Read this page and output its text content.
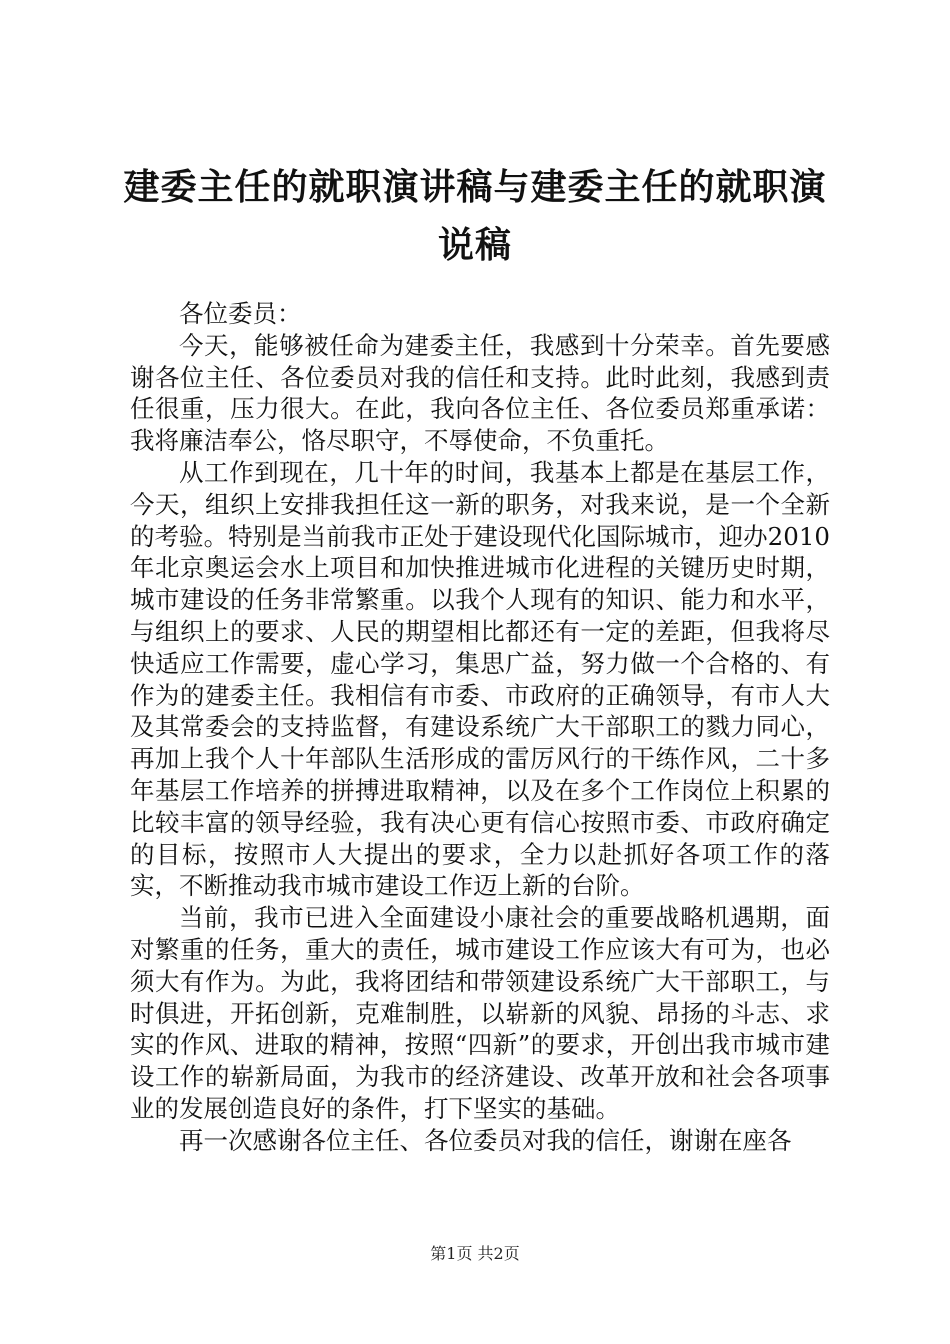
建委主任的就职演讲稿与建委主任的就职演说稿

各位委员：

今天，能够被任命为建委主任，我感到十分荣幸。首先要感谢各位主任、各位委员对我的信任和支持。此时此刻，我感到责任很重，压力很大。在此，我向各位主任、各位委员郑重承诺：我将廉洁奉公，恪尽职守，不辱使命，不负重托。

从工作到现在，几十年的时间，我基本上都是在基层工作，今天，组织上安排我担任这一新的职务，对我来说，是一个全新的考验。特别是当前我市正处于建设现代化国际城市，迎办2010年北京奥运会水上项目和加快推进城市化进程的关键历史时期，城市建设的任务非常繁重。以我个人现有的知识、能力和水平，与组织上的要求、人民的期望相比都还有一定的差距，但我将尽快适应工作需要，虚心学习，集思广益，努力做一个合格的、有作为的建委主任。我相信有市委、市政府的正确领导，有市人大及其常委会的支持监督，有建设系统广大干部职工的戮力同心，再加上我个人十年部队生活形成的雷厉风行的干练作风，二十多年基层工作培养的拼搏进取精神，以及在多个工作岗位上积累的比较丰富的领导经验，我有决心更有信心按照市委、市政府确定的目标，按照市人大提出的要求，全力以赴抓好各项工作的落实，不断推动我市城市建设工作迈上新的台阶。

当前，我市已进入全面建设小康社会的重要战略机遇期，面对繁重的任务，重大的责任，城市建设工作应该大有可为，也必须大有作为。为此，我将团结和带领建设系统广大干部职工，与时俱进，开拓创新，克难制胜，以崭新的风貌、昂扬的斗志、求实的作风、进取的精神，按照“四新”的要求，开创出我市城市建设工作的崭新局面，为我市的经济建设、改革开放和社会各项事业的发展创造良好的条件，打下坚实的基础。

再一次感谢各位主任、各位委员对我的信任，谢谢在座各

第1页 共2页
